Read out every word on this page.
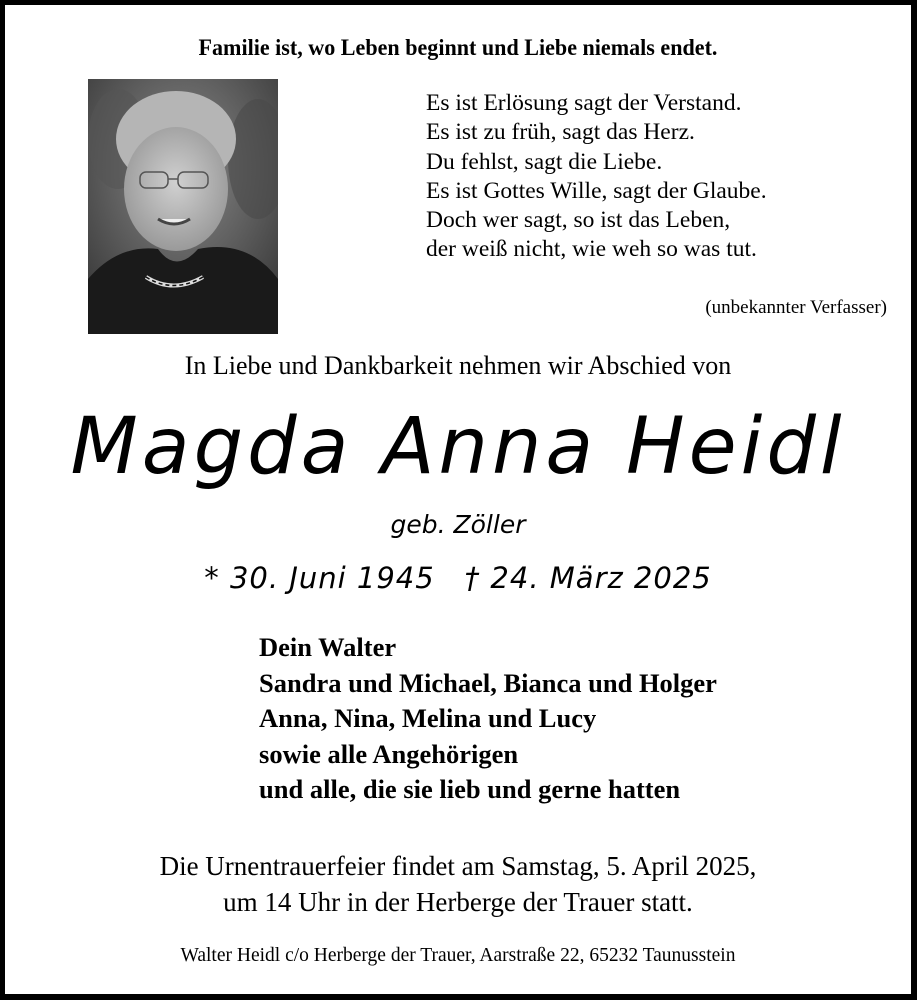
Familie ist, wo Leben beginnt und Liebe niemals endet.
Es ist Erlösung sagt der Verstand.
Es ist zu früh, sagt das Herz.
Du fehlst, sagt die Liebe.
Es ist Gottes Wille, sagt der Glaube.
Doch wer sagt, so ist das Leben,
der weiß nicht, wie weh so was tut.
(unbekannter Verfasser)
In Liebe und Dankbarkeit nehmen wir Abschied von
Magda Anna Heidl
geb. Zöller
* 30. Juni 1945 † 24. März 2025
Dein Walter
Sandra und Michael, Bianca und Holger
Anna, Nina, Melina und Lucy
sowie alle Angehörigen
und alle, die sie lieb und gerne hatten
Die Urnentrauerfeier findet am Samstag, 5. April 2025,
um 14 Uhr in der Herberge der Trauer statt.
Walter Heidl c/o Herberge der Trauer, Aarstraße 22, 65232 Taunusstein
